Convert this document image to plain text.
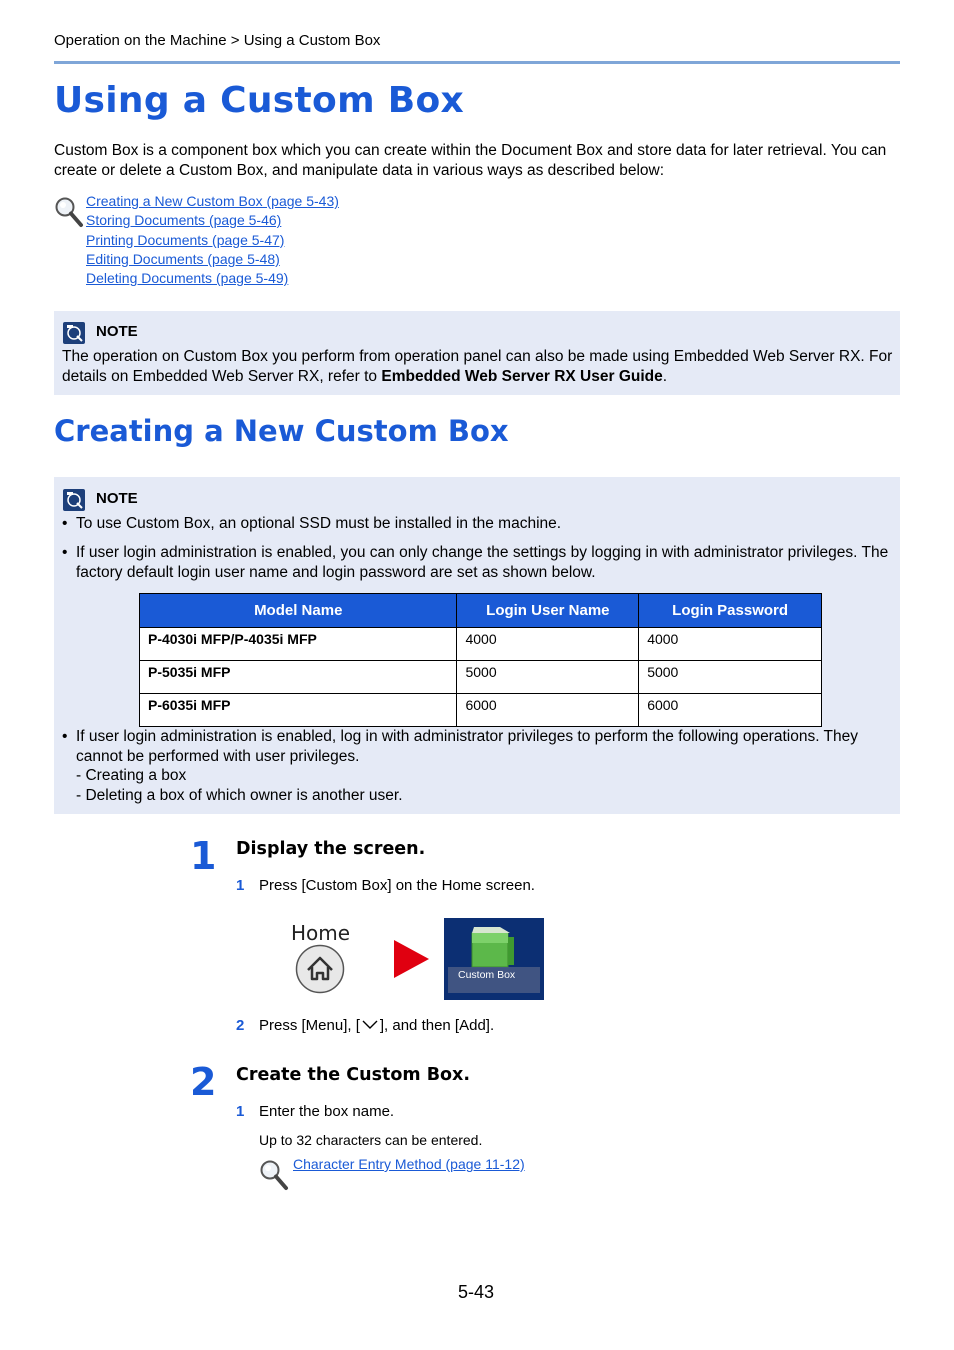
Operation on the Machine > Using a Custom Box
Using a Custom Box
Custom Box is a component box which you can create within the Document Box and store data for later retrieval. You can create or delete a Custom Box, and manipulate data in various ways as described below:
Creating a New Custom Box (page 5-43)
Storing Documents (page 5-46)
Printing Documents (page 5-47)
Editing Documents (page 5-48)
Deleting Documents (page 5-49)
NOTE
The operation on Custom Box you perform from operation panel can also be made using Embedded Web Server RX. For details on Embedded Web Server RX, refer to Embedded Web Server RX User Guide.
Creating a New Custom Box
NOTE
• To use Custom Box, an optional SSD must be installed in the machine.
• If user login administration is enabled, you can only change the settings by logging in with administrator privileges. The factory default login user name and login password are set as shown below.
• If user login administration is enabled, log in with administrator privileges to perform the following operations. They cannot be performed with user privileges.
- Creating a box
- Deleting a box of which owner is another user.
Model Name	Login User Name	Login Password
P-4030i MFP/P-4035i MFP	4000	4000
P-5035i MFP	5000	5000
P-6035i MFP	6000	6000
1 Display the screen.
1 Press [Custom Box] on the Home screen.
Home
Custom Box
2 Press [Menu], [ ], and then [Add].
2 Create the Custom Box.
1 Enter the box name.
Up to 32 characters can be entered.
Character Entry Method (page 11-12)
5-43
